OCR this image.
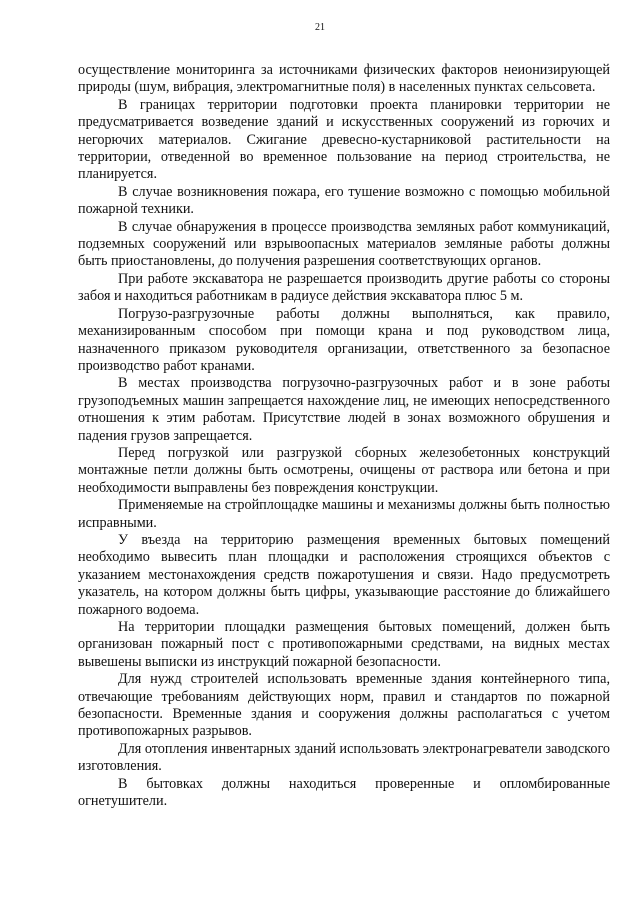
21

осуществление мониторинга за источниками физических факторов неионизирующей природы (шум, вибрация, электромагнитные поля) в населенных пунктах сельсовета.

В границах территории подготовки проекта планировки территории не предусматривается возведение зданий и искусственных сооружений из горючих и негорючих материалов. Сжигание древесно-кустарниковой растительности на территории, отведенной во временное пользование на период строительства, не планируется.

В случае возникновения пожара, его тушение возможно с помощью мобильной пожарной техники.

В случае обнаружения в процессе производства земляных работ коммуникаций, подземных сооружений или взрывоопасных материалов земляные работы должны быть приостановлены, до получения разрешения соответствующих органов.

При работе экскаватора не разрешается производить другие работы со стороны забоя и находиться работникам в радиусе действия экскаватора плюс 5 м.

Погрузо-разгрузочные работы должны выполняться, как правило, механизированным способом при помощи крана и под руководством лица, назначенного приказом руководителя организации, ответственного за безопасное производство работ кранами.

В местах производства погрузочно-разгрузочных работ и в зоне работы грузоподъемных машин запрещается нахождение лиц, не имеющих непосредственного отношения к этим работам. Присутствие людей в зонах возможного обрушения и падения грузов запрещается.

Перед погрузкой или разгрузкой сборных железобетонных конструкций монтажные петли должны быть осмотрены, очищены от раствора или бетона и при необходимости выправлены без повреждения конструкции.

Применяемые на стройплощадке машины и механизмы должны быть полностью исправными.

У въезда на территорию размещения временных бытовых помещений необходимо вывесить план площадки и расположения строящихся объектов с указанием местонахождения средств пожаротушения и связи. Надо предусмотреть указатель, на котором должны быть цифры, указывающие расстояние до ближайшего пожарного водоема.

На территории площадки размещения бытовых помещений, должен быть организован пожарный пост с противопожарными средствами, на видных местах вывешены выписки из инструкций пожарной безопасности.

Для нужд строителей использовать временные здания контейнерного типа, отвечающие требованиям действующих норм, правил и стандартов по пожарной безопасности. Временные здания и сооружения должны располагаться с учетом противопожарных разрывов.

Для отопления инвентарных зданий использовать электронагреватели заводского изготовления.

В бытовках должны находиться проверенные и опломбированные огнетушители.
